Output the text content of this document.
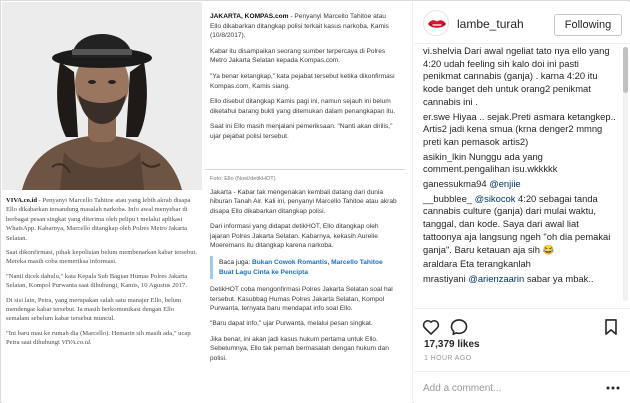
VIVA.co.id - Penyanyi Marcello Tahitoe atau yang lebih akrab disapa Ello dikabarkan tersandung masalah narkoba. Info awal menyebar di berbagai pesan singkat yang diterima oleh pelipu t melalui aplikasi WhatsApp. Kabarnya, Marcello ditangkap oleh Polres Metro Jakarta Selatan.

Saat dikonfirmasi, pihak kepolisian belum membenarkan kabar tersebut. Mereka masih coba memeriksa informasi.

"Nanti dicek dahulu," kata Kepala Sub Bagian Humas Polres Jakarta Selatan, Kompol Purwanta saat dihubungi, Kamis, 10 Agustus 2017.

Di sisi lain, Petra, yang merupakan salah satu manajer Ello, belum mendengar kabar tersebut. Ia masih berkomunikasi dengan Ello semalam sebelum kabar tersebut muncul.

"Ini baru mau ke rumah dia (Marcello). Hemarin sih masih ada," ucap Petra saat dihubungi VIVA.co.id.

JAKARTA, KOMPAS.com - Penyanyi Marcello Tahitoe atau Ello dikabarkan ditangkap polisi terkait kasus narkoba, Kamis (10/8/2017).

Kabar itu disampaikan seorang sumber terpercaya di Polres Metro Jakarta Selatan kepada Kompas.com.

"Ya benar ketangkap," kata pejabat tersebut ketika dikonfirmasi Kompas.com, Kamis siang.

Ello disebut ditangkap Kamis pagi ini, namun sejauh ini belum diketahui barang bukti yang ditemukan dalam penangkapan itu.

Saat ini Ello masih menjalani pemeriksaan. "Nanti akan dirilis," ujar pejabat polisi tersebut.

Foto: Ello (Noel/detikHOT)

Jakarta - Kabar tak mengenakan kembali datang dari dunia hiburan Tanah Air. Kali ini, penyanyi Marcello Tahitoe atau akrab disapa Ello dikabarkan ditangkap polisi.

Dari informasi yang didapat detikHOT, Ello ditangkap oleh jajaran Polres Jakarta Selatan. Kabarnya, kekasih Aurelie Moeremans itu ditangkap karena narkoba.

Baca juga: Bukan Cowok Romantis, Marcello Tahitoe Buat Lagu Cinta ke Pencipta

DetikHOT coba mengonfirmasi Polres Jakarta Selatan soal hal tersebut. Kasubbag Humas Polres Jakarta Selatan, Kompol Purwanta, ternyata baru mendapat info soal Ello.

"Baru dapat info," ujar Purwanta, melalui pesan singkat.

Jika benar, ini akan jadi kasus hukum pertama untuk Ello. Sebelumnya, Ello tak pernah bermasalah dengan hukum dan polisi.

lambe_turah	Following

vi.shelvia Dari awal ngeliat tato nya ello yang 4:20 udah feeling sih kalo doi ini pasti penikmat cannabis (ganja) . karna 4:20 itu kode banget deh untuk orang2 penikmat cannabis ini .

er.swe Hiyaa .. sejak.Preti asmara ketangkep.. Artis2 jadi kena smua (krna denger2 mmng preti kan pemasok artis2)

asikin_lkin Nunggu ada yang comment.pengalihan isu.wkkkkk

ganessukma94 @enjiie

__bubblee_ @sikocok 4:20 sebagai tanda cannabis culture (ganja) dari mulai waktu, tanggal, dan kode. Saya dari awal liat tattoonya aja langsung ngeh "oh dia pemakai ganja". Baru ketauan aja sih 😂

araldara Eta terangkanlah

mrastiyani @arienzaarin sabar ya mbak..

17,379 likes
1 HOUR AGO
Add a comment...
